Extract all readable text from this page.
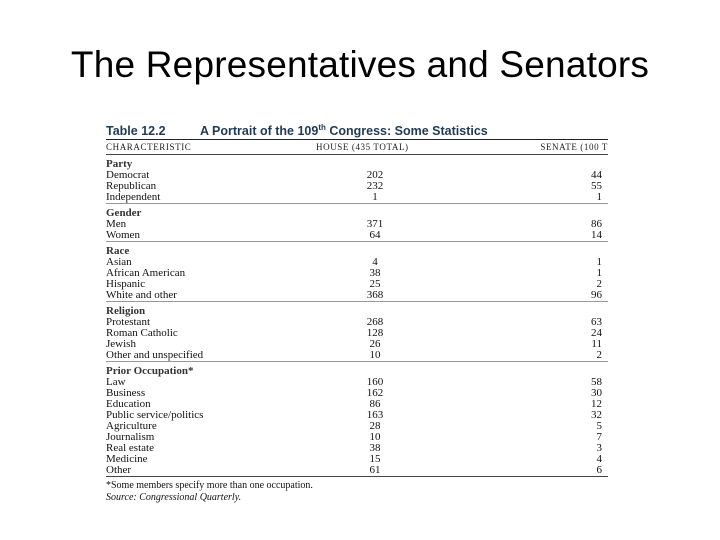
The Representatives and Senators
Table 12.2	A Portrait of the 109th Congress: Some Statistics
CHARACTERISTIC	HOUSE (435 TOTAL)	SENATE (100 T
Party
Democrat	202	44
Republican	232	55
Independent	1	1
Gender
Men	371	86
Women	64	14
Race
Asian	4	1
African American	38	1
Hispanic	25	2
White and other	368	96
Religion
Protestant	268	63
Roman Catholic	128	24
Jewish	26	11
Other and unspecified	10	2
Prior Occupation*
Law	160	58
Business	162	30
Education	86	12
Public service/politics	163	32
Agriculture	28	5
Journalism	10	7
Real estate	38	3
Medicine	15	4
Other	61	6
*Some members specify more than one occupation.
Source: Congressional Quarterly.
